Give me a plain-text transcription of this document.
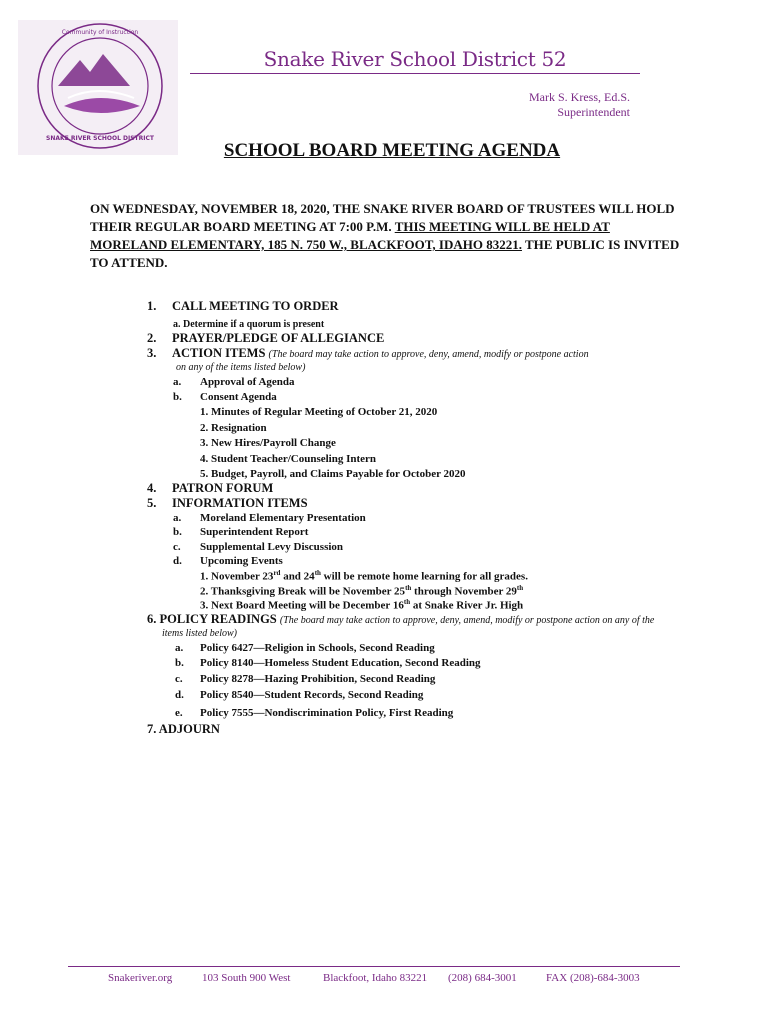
SNAKE RIVER SCHOOL DISTRICT
Community of Instruction
Snake River School District 52
Mark S. Kress, Ed.S.
Superintendent
SCHOOL BOARD MEETING AGENDA
ON WEDNESDAY, NOVEMBER 18, 2020, THE SNAKE RIVER BOARD OF TRUSTEES WILL HOLD THEIR REGULAR BOARD MEETING AT 7:00 P.M. THIS MEETING WILL BE HELD AT MORELAND ELEMENTARY, 185 N. 750 W., BLACKFOOT, IDAHO 83221. THE PUBLIC IS INVITED TO ATTEND.
1. CALL MEETING TO ORDER
a. Determine if a quorum is present
2. PRAYER/PLEDGE OF ALLEGIANCE
3. ACTION ITEMS (The board may take action to approve, deny, amend, modify or postpone action
on any of the items listed below)
a. Approval of Agenda
b. Consent Agenda
1. Minutes of Regular Meeting of October 21, 2020
2. Resignation
3. New Hires/Payroll Change
4. Student Teacher/Counseling Intern
5. Budget, Payroll, and Claims Payable for October 2020
4. PATRON FORUM
5. INFORMATION ITEMS
a. Moreland Elementary Presentation
b. Superintendent Report
c. Supplemental Levy Discussion
d. Upcoming Events
1. November 23rd and 24th will be remote home learning for all grades.
2. Thanksgiving Break will be November 25th through November 29th
3. Next Board Meeting will be December 16th at Snake River Jr. High
6. POLICY READINGS (The board may take action to approve, deny, amend, modify or postpone action on any of the
items listed below)
a. Policy 6427—Religion in Schools, Second Reading
b. Policy 8140—Homeless Student Education, Second Reading
c. Policy 8278—Hazing Prohibition, Second Reading
d. Policy 8540—Student Records, Second Reading
e. Policy 7555—Nondiscrimination Policy, First Reading
7. ADJOURN
Snakeriver.org	103 South 900 West	Blackfoot, Idaho 83221 (208) 684-3001	FAX (208)-684-3003
